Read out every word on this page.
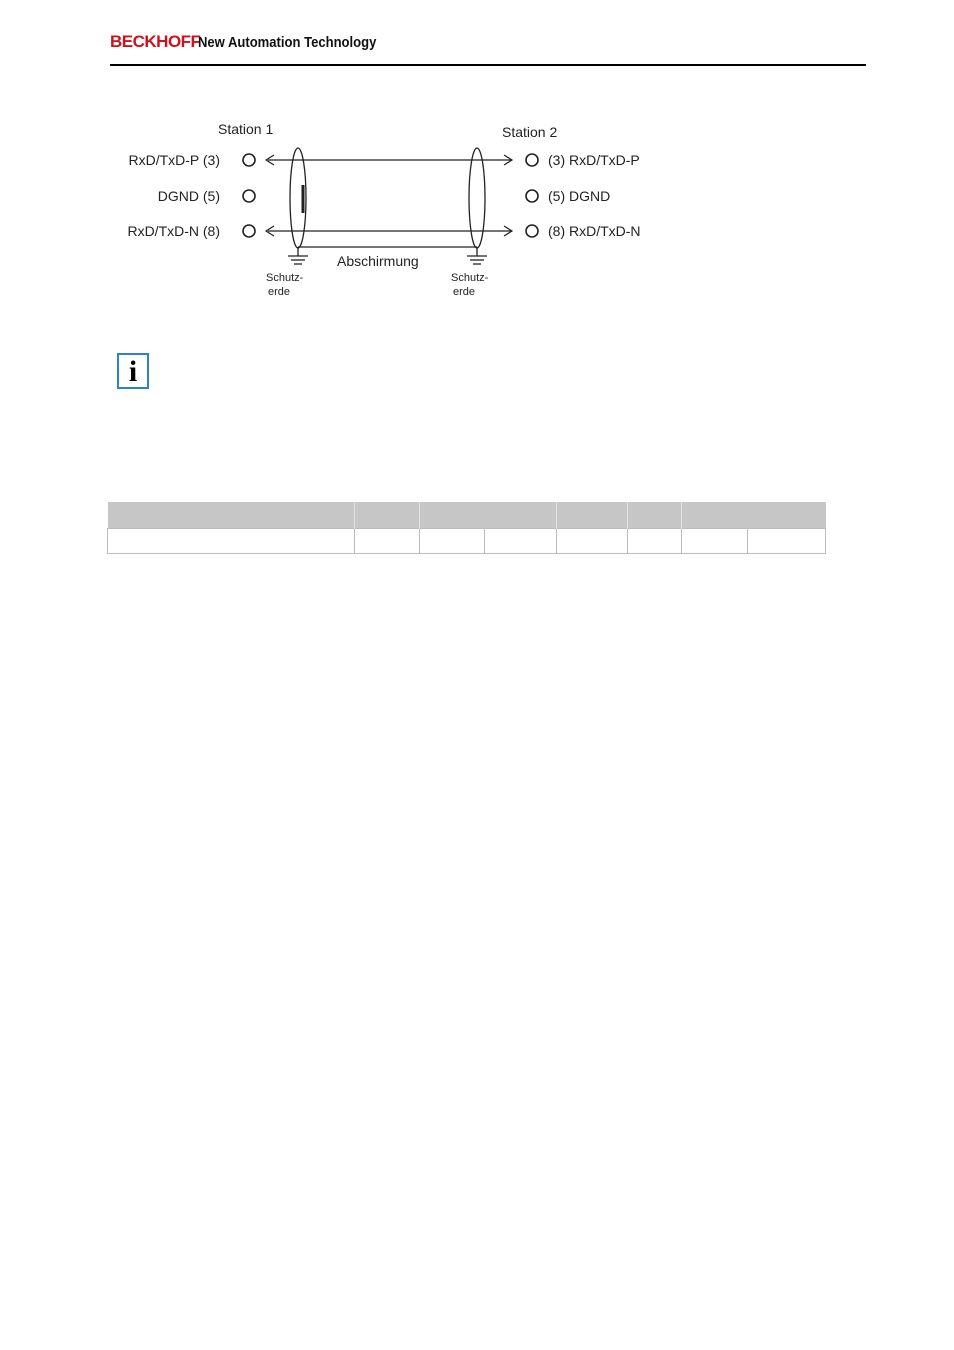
BECKHOFF
New Automation Technology
Station 1	Station 2
RxD/TxD-P (3)
DGND (5)
RxD/TxD-N (8)
(3) RxD/TxD-P
(5) DGND
(8) RxD/TxD-N
Abschirmung
Schutz-
erde
Schutz-
erde
i
